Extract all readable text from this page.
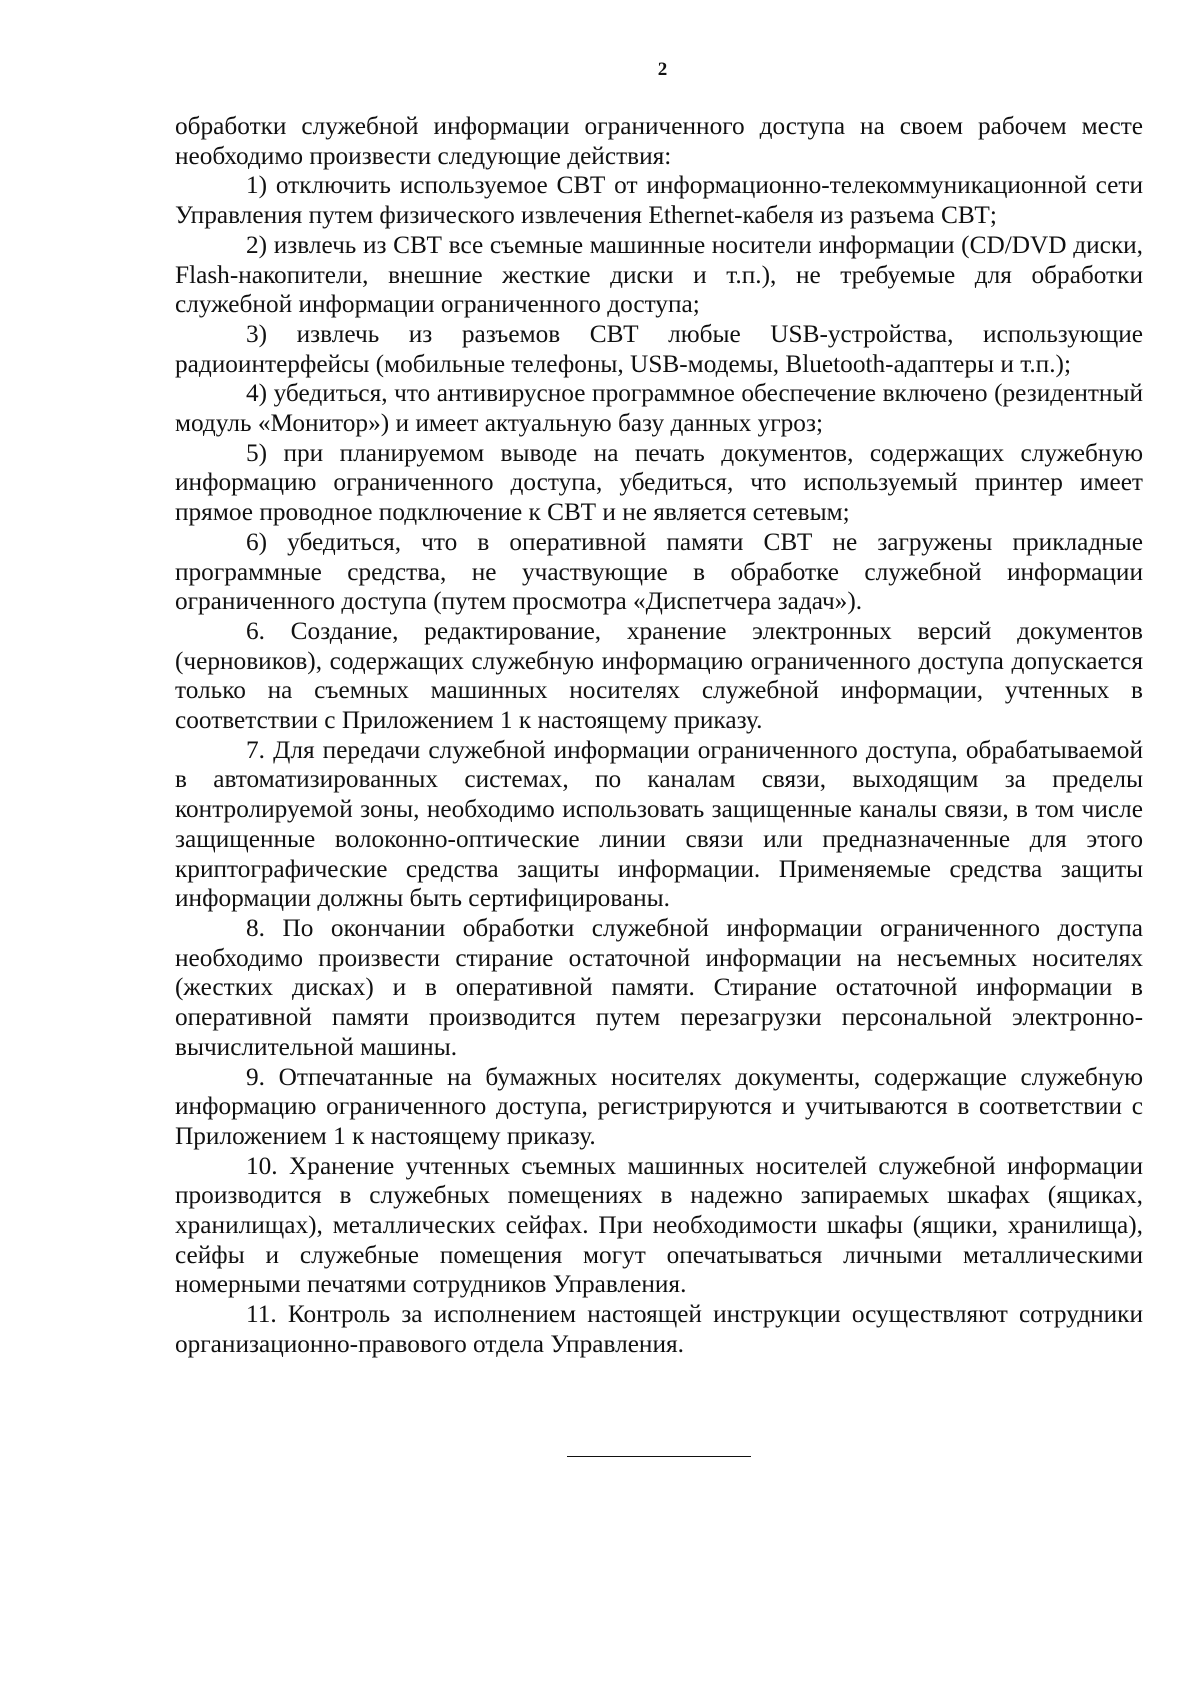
2

обработки служебной информации ограниченного доступа на своем рабочем месте необходимо произвести следующие действия:

1) отключить используемое СВТ от информационно-телекоммуникационной сети Управления путем физического извлечения Ethernet-кабеля из разъема СВТ;

2) извлечь из СВТ все съемные машинные носители информации (CD/DVD диски, Flash-накопители, внешние жесткие диски и т.п.), не требуемые для обработки служебной информации ограниченного доступа;

3) извлечь из разъемов СВТ любые USB-устройства, использующие радиоинтерфейсы (мобильные телефоны, USB-модемы, Bluetooth-адаптеры и т.п.);

4) убедиться, что антивирусное программное обеспечение включено (резидентный модуль «Монитор») и имеет актуальную базу данных угроз;

5) при планируемом выводе на печать документов, содержащих служебную информацию ограниченного доступа, убедиться, что используемый принтер имеет прямое проводное подключение к СВТ и не является сетевым;

6) убедиться, что в оперативной памяти СВТ не загружены прикладные программные средства, не участвующие в обработке служебной информации ограниченного доступа (путем просмотра «Диспетчера задач»).

6. Создание, редактирование, хранение электронных версий документов (черновиков), содержащих служебную информацию ограниченного доступа допускается только на съемных машинных носителях служебной информации, учтенных в соответствии с Приложением 1 к настоящему приказу.

7. Для передачи служебной информации ограниченного доступа, обрабатываемой в автоматизированных системах, по каналам связи, выходящим за пределы контролируемой зоны, необходимо использовать защищенные каналы связи, в том числе защищенные волоконно-оптические линии связи или предназначенные для этого криптографические средства защиты информации. Применяемые средства защиты информации должны быть сертифицированы.

8. По окончании обработки служебной информации ограниченного доступа необходимо произвести стирание остаточной информации на несъемных носителях (жестких дисках) и в оперативной памяти. Стирание остаточной информации в оперативной памяти производится путем перезагрузки персональной электронно-вычислительной машины.

9. Отпечатанные на бумажных носителях документы, содержащие служебную информацию ограниченного доступа, регистрируются и учитываются в соответствии с Приложением 1 к настоящему приказу.

10. Хранение учтенных съемных машинных носителей служебной информации производится в служебных помещениях в надежно запираемых шкафах (ящиках, хранилищах), металлических сейфах. При необходимости шкафы (ящики, хранилища), сейфы и служебные помещения могут опечатываться личными металлическими номерными печатями сотрудников Управления.

11. Контроль за исполнением настоящей инструкции осуществляют сотрудники организационно-правового отдела Управления.
